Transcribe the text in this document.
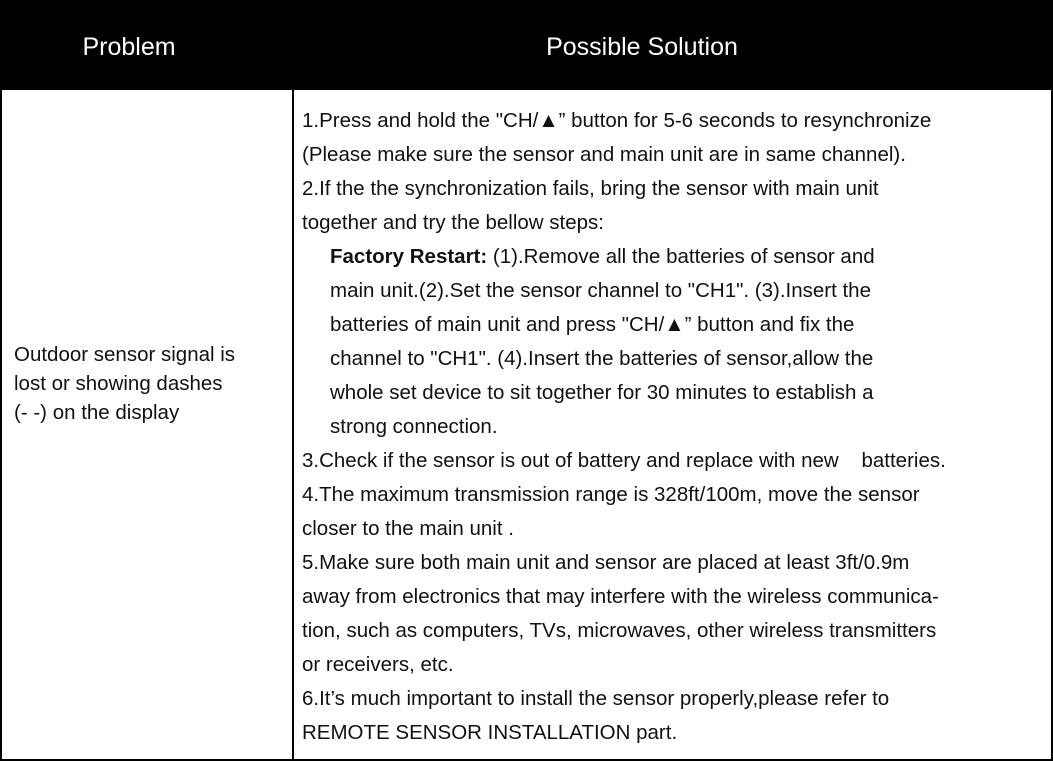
Problem	Possible Solution
Outdoor sensor signal is
lost or showing dashes
(- -) on the display
1.Press and hold the "CH/▲” button for 5-6 seconds to resynchronize
(Please make sure the sensor and main unit are in same channel).
2.If the the synchronization fails, bring the sensor with main unit
together and try the bellow steps:
Factory Restart: (1).Remove all the batteries of sensor and
main unit.(2).Set the sensor channel to "CH1". (3).Insert the
batteries of main unit and press "CH/▲” button and fix the
channel to "CH1". (4).Insert the batteries of sensor,allow the
whole set device to sit together for 30 minutes to establish a
strong connection.
3.Check if the sensor is out of battery and replace with new    batteries.
4.The maximum transmission range is 328ft/100m, move the sensor
closer to the main unit .
5.Make sure both main unit and sensor are placed at least 3ft/0.9m
away from electronics that may interfere with the wireless communica-
tion, such as computers, TVs, microwaves, other wireless transmitters
or receivers, etc.
6.It’s much important to install the sensor properly,please refer to
REMOTE SENSOR INSTALLATION part.
